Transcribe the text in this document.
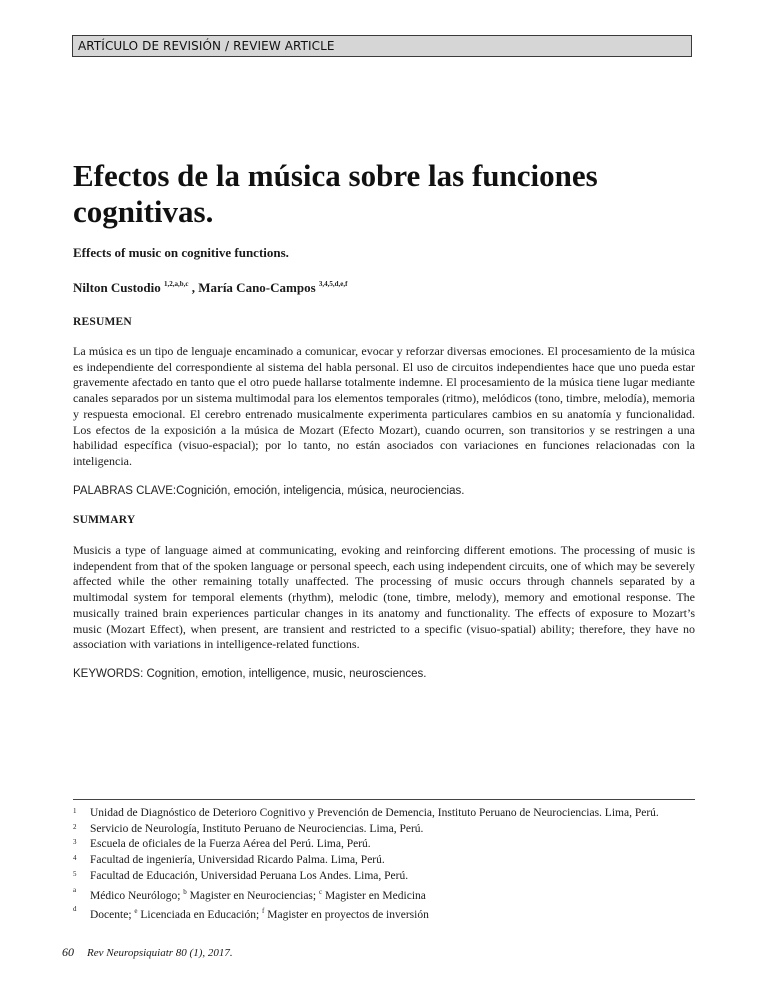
ARTÍCULO DE REVISIÓN / REVIEW ARTICLE
Efectos de la música sobre las funciones cognitivas.

Effects of music on cognitive functions.

Nilton Custodio $^{1,2,a,b,c}$ , María Cano-Campos $^{3,4,5,d,e,f}$

RESUMEN

La música es un tipo de lenguaje encaminado a comunicar, evocar y reforzar diversas emociones. El procesamiento de la música es independiente del correspondiente al sistema del habla personal. El uso de circuitos independientes hace que uno pueda estar gravemente afectado en tanto que el otro puede hallarse totalmente indemne. El procesamiento de la música tiene lugar mediante canales separados por un sistema multimodal para los elementos temporales (ritmo), melódicos (tono, timbre, melodía), memoria y respuesta emocional. El cerebro entrenado musicalmente experimenta particulares cambios en su anatomía y funcionalidad. Los efectos de la exposición a la música de Mozart (Efecto Mozart), cuando ocurren, son transitorios y se restringen a una habilidad específica (visuo-espacial); por lo tanto, no están asociados con variaciones en funciones relacionadas con la inteligencia.

PALABRAS CLAVE:Cognición, emoción, inteligencia, música, neurociencias.

SUMMARY

Musicis a type of language aimed at communicating, evoking and reinforcing different emotions. The processing of music is independent from that of the spoken language or personal speech, each using independent circuits, one of which may be severely affected while the other remaining totally unaffected. The processing of music occurs through channels separated by a multimodal system for temporal elements (rhythm), melodic (tone, timbre, melody), memory and emotional response. The musically trained brain experiences particular changes in its anatomy and functionality. The effects of exposure to Mozart’s music (Mozart Effect), when present, are transient and restricted to a specific (visuo-spatial) ability; therefore, they have no association with variations in intelligence-related functions.

KEYWORDS: Cognition, emotion, intelligence, music, neurosciences.

1 Unidad de Diagnóstico de Deterioro Cognitivo y Prevención de Demencia, Instituto Peruano de Neurociencias. Lima, Perú.
2 Servicio de Neurología, Instituto Peruano de Neurociencias. Lima, Perú.
3 Escuela de oficiales de la Fuerza Aérea del Perú. Lima, Perú.
4 Facultad de ingeniería, Universidad Ricardo Palma. Lima, Perú.
5 Facultad de Educación, Universidad Peruana Los Andes. Lima, Perú.
a Médico Neurólogo; $^b$ Magister en Neurociencias; $^c$ Magister en Medicina
d Docente; $^e$ Licenciada en Educación; $^f$ Magister en proyectos de inversión
60 Rev Neuropsiquiatr 80 (1), 2017.
